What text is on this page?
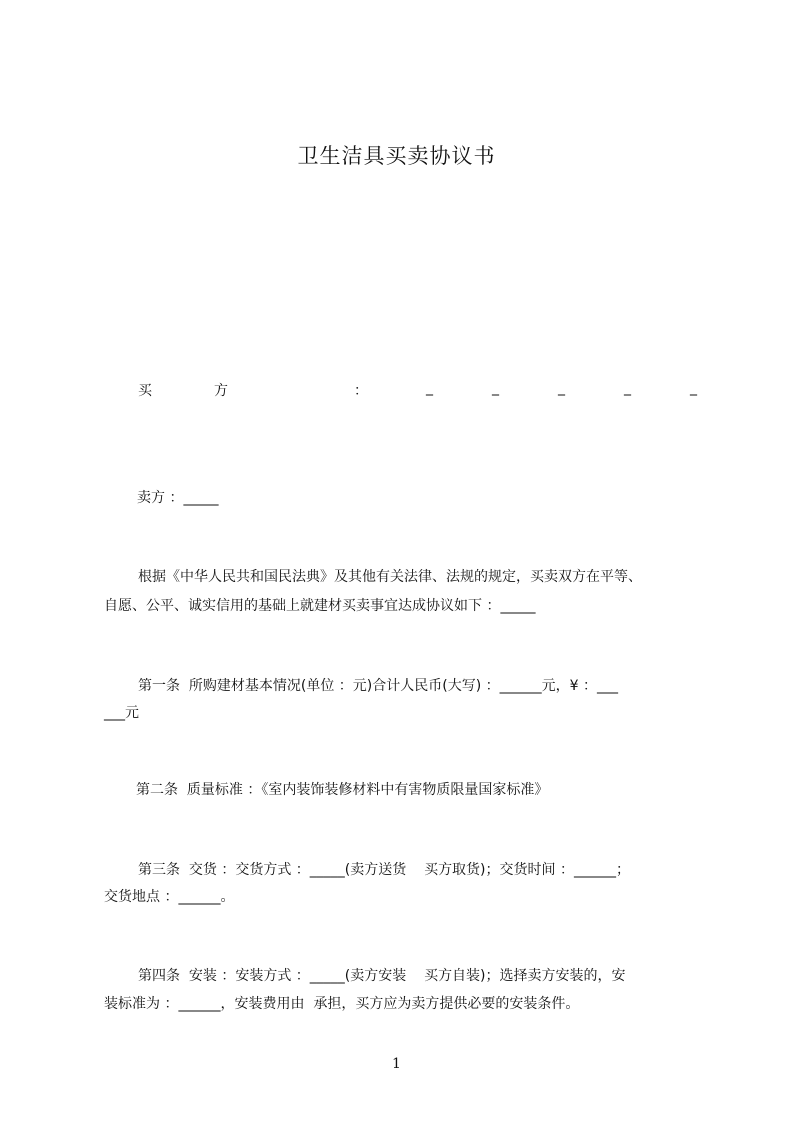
卫生洁具买卖协议书
买	方	：	_	_	_	_	_
卖方 ：_____
根据《中华人民共和国民法典》及其他有关法律、法规的规定，买卖双方在平等、
自愿、公平、诚实信用的基础上就建材买卖事宜达成协议如下 ：_____
第一条  所购建材基本情况(单位 ：元)合计人民币(大写) ：______元，¥ ：___
___元
第二条  质量标准 ：《室内装饰装修材料中有害物质限量国家标准》
第三条  交货 ：交货方式 ：_____(卖方送货    买方取货)；交货时间 ：______；
交货地点 ：______。
第四条  安装 ：安装方式 ：_____(卖方安装    买方自装)；选择卖方安装的，安
装标准为 ：______，安装费用由  承担，买方应为卖方提供必要的安装条件。
1
